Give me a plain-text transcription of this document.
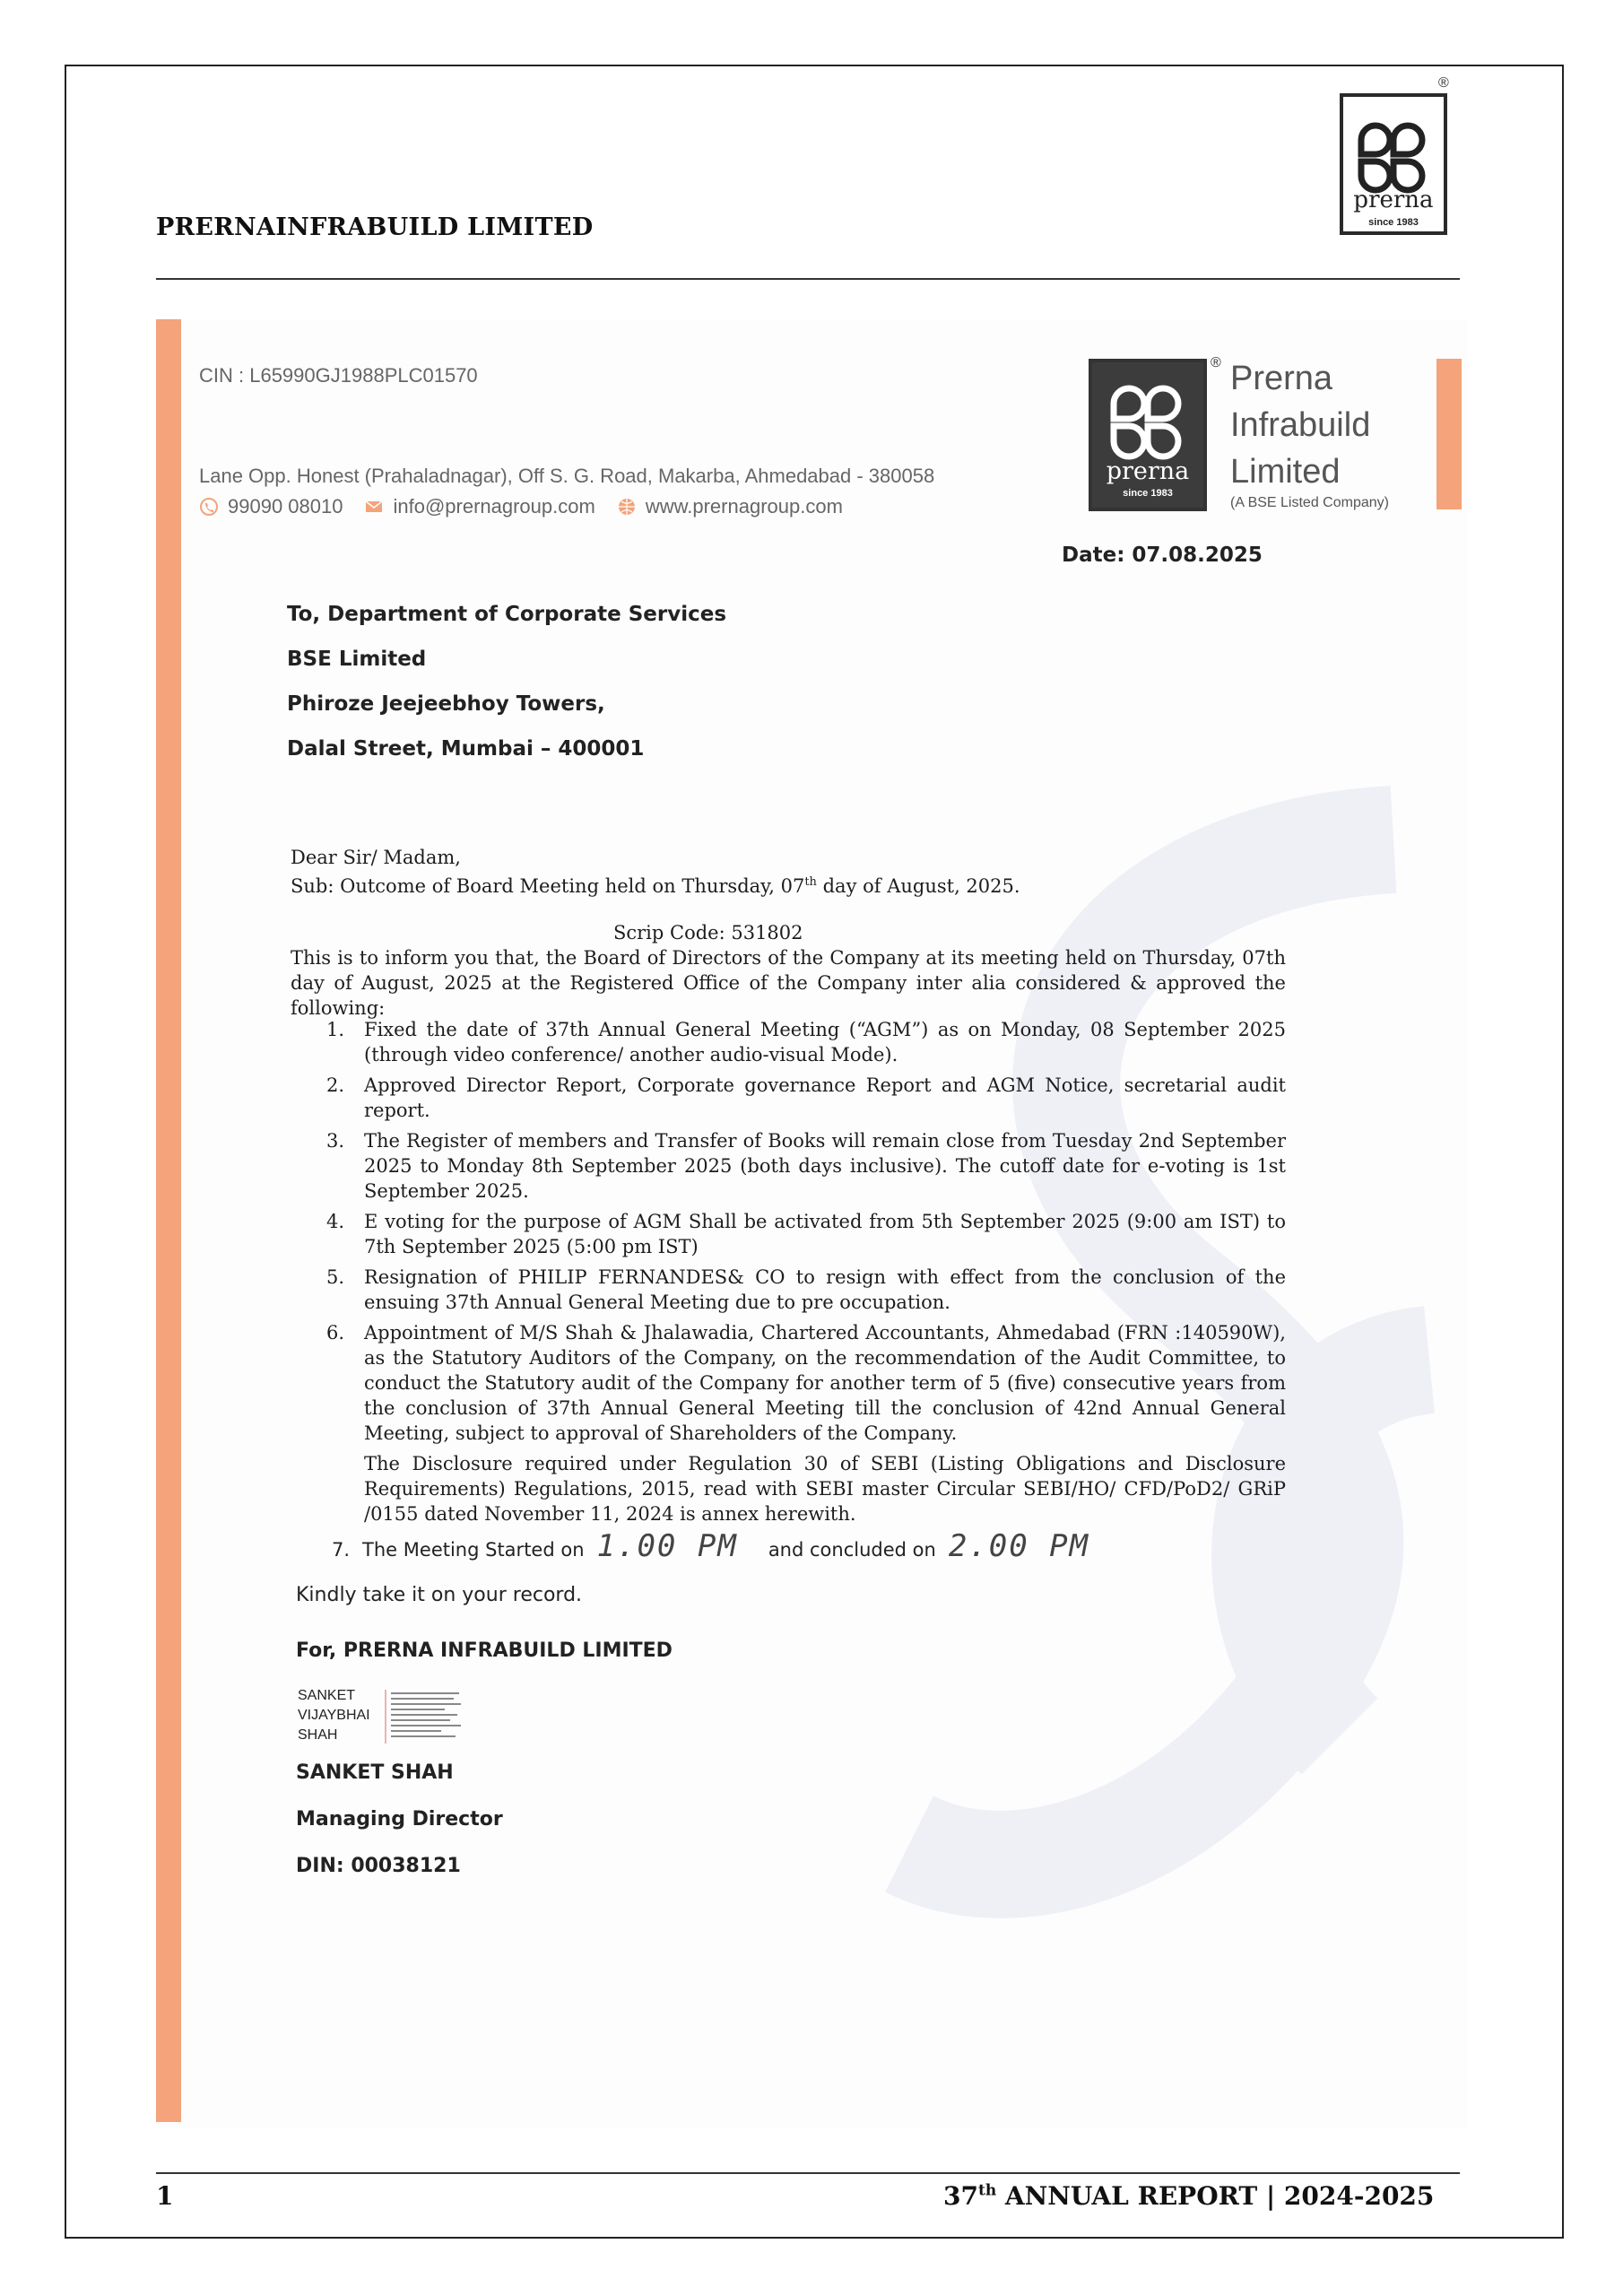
PRERNAINFRABUILD LIMITED
prerna
since 1983
®
CIN : L65990GJ1988PLC01570
Lane Opp. Honest (Prahaladnagar), Off S. G. Road, Makarba, Ahmedabad - 380058
99090 08010	info@prernagroup.com	www.prernagroup.com
prerna
since 1983
® Prerna
Infrabuild
Limited
(A BSE Listed Company)
Date: 07.08.2025
To, Department of Corporate Services
BSE Limited
Phiroze Jeejeebhoy Towers,
Dalal Street, Mumbai – 400001
Dear Sir/ Madam,
Sub: Outcome of Board Meeting held on Thursday, 07th day of August, 2025.
Scrip Code: 531802
This is to inform you that, the Board of Directors of the Company at its meeting held on Thursday, 07th day of August, 2025 at the Registered Office of the Company inter alia considered & approved the following:
1. Fixed the date of 37th Annual General Meeting (“AGM”) as on Monday, 08 September 2025 (through video conference/ another audio-visual Mode).
2. Approved Director Report, Corporate governance Report and AGM Notice, secretarial audit report.
3. The Register of members and Transfer of Books will remain close from Tuesday 2nd September 2025 to Monday 8th September 2025 (both days inclusive). The cutoff date for e-voting is 1st September 2025.
4. E voting for the purpose of AGM Shall be activated from 5th September 2025 (9:00 am IST) to 7th September 2025 (5:00 pm IST)
5. Resignation of PHILIP FERNANDES& CO to resign with effect from the conclusion of the ensuing 37th Annual General Meeting due to pre occupation.
6. Appointment of M/S Shah & Jhalawadia, Chartered Accountants, Ahmedabad (FRN :140590W), as the Statutory Auditors of the Company, on the recommendation of the Audit Committee, to conduct the Statutory audit of the Company for another term of 5 (five) consecutive years from the conclusion of 37th Annual General Meeting till the conclusion of 42nd Annual General Meeting, subject to approval of Shareholders of the Company.
The Disclosure required under Regulation 30 of SEBI (Listing Obligations and Disclosure Requirements) Regulations, 2015, read with SEBI master Circular SEBI/HO/ CFD/PoD2/ GRiP /0155 dated November 11, 2024 is annex herewith.
7. The Meeting Started on 1.00 PM and concluded on 2.00 PM
Kindly take it on your record.
For, PRERNA INFRABUILD LIMITED
SANKET
VIJAYBHAI
SHAH
SANKET SHAH
Managing Director
DIN: 00038121
1	37th ANNUAL REPORT | 2024-2025
